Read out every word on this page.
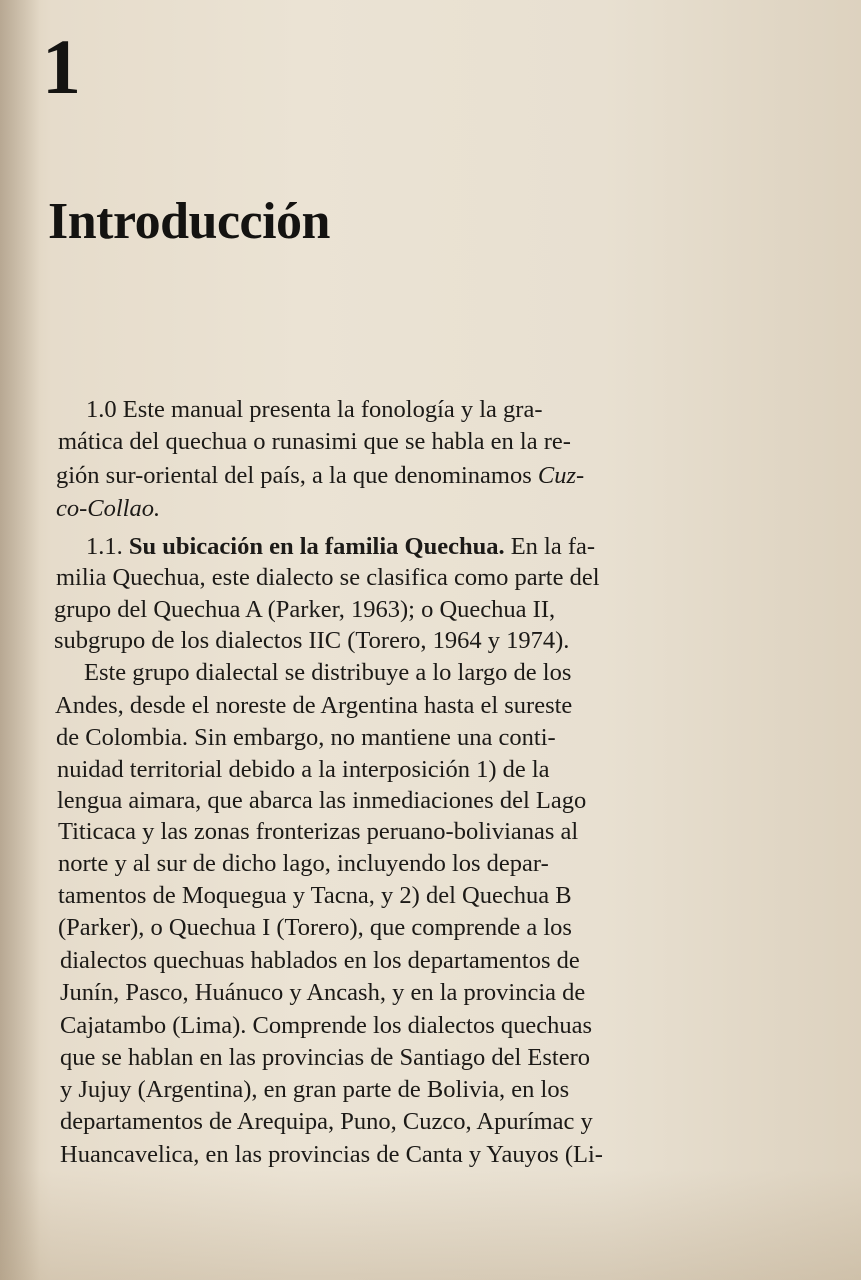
1
Introducción
1.0 Este manual presenta la fonología y la gra-
mática del quechua o runasimi que se habla en la re-
gión sur-oriental del país, a la que denominamos Cuz-
co-Collao.
1.1. Su ubicación en la familia Quechua. En la fa-
milia Quechua, este dialecto se clasifica como parte del
grupo del Quechua A (Parker, 1963); o Quechua II,
subgrupo de los dialectos IIC (Torero, 1964 y 1974).
Este grupo dialectal se distribuye a lo largo de los
Andes, desde el noreste de Argentina hasta el sureste
de Colombia. Sin embargo, no mantiene una conti-
nuidad territorial debido a la interposición 1) de la
lengua aimara, que abarca las inmediaciones del Lago
Titicaca y las zonas fronterizas peruano-bolivianas al
norte y al sur de dicho lago, incluyendo los depar-
tamentos de Moquegua y Tacna, y 2) del Quechua B
(Parker), o Quechua I (Torero), que comprende a los
dialectos quechuas hablados en los departamentos de
Junín, Pasco, Huánuco y Ancash, y en la provincia de
Cajatambo (Lima). Comprende los dialectos quechuas
que se hablan en las provincias de Santiago del Estero
y Jujuy (Argentina), en gran parte de Bolivia, en los
departamentos de Arequipa, Puno, Cuzco, Apurímac y
Huancavelica, en las provincias de Canta y Yauyos (Li-
